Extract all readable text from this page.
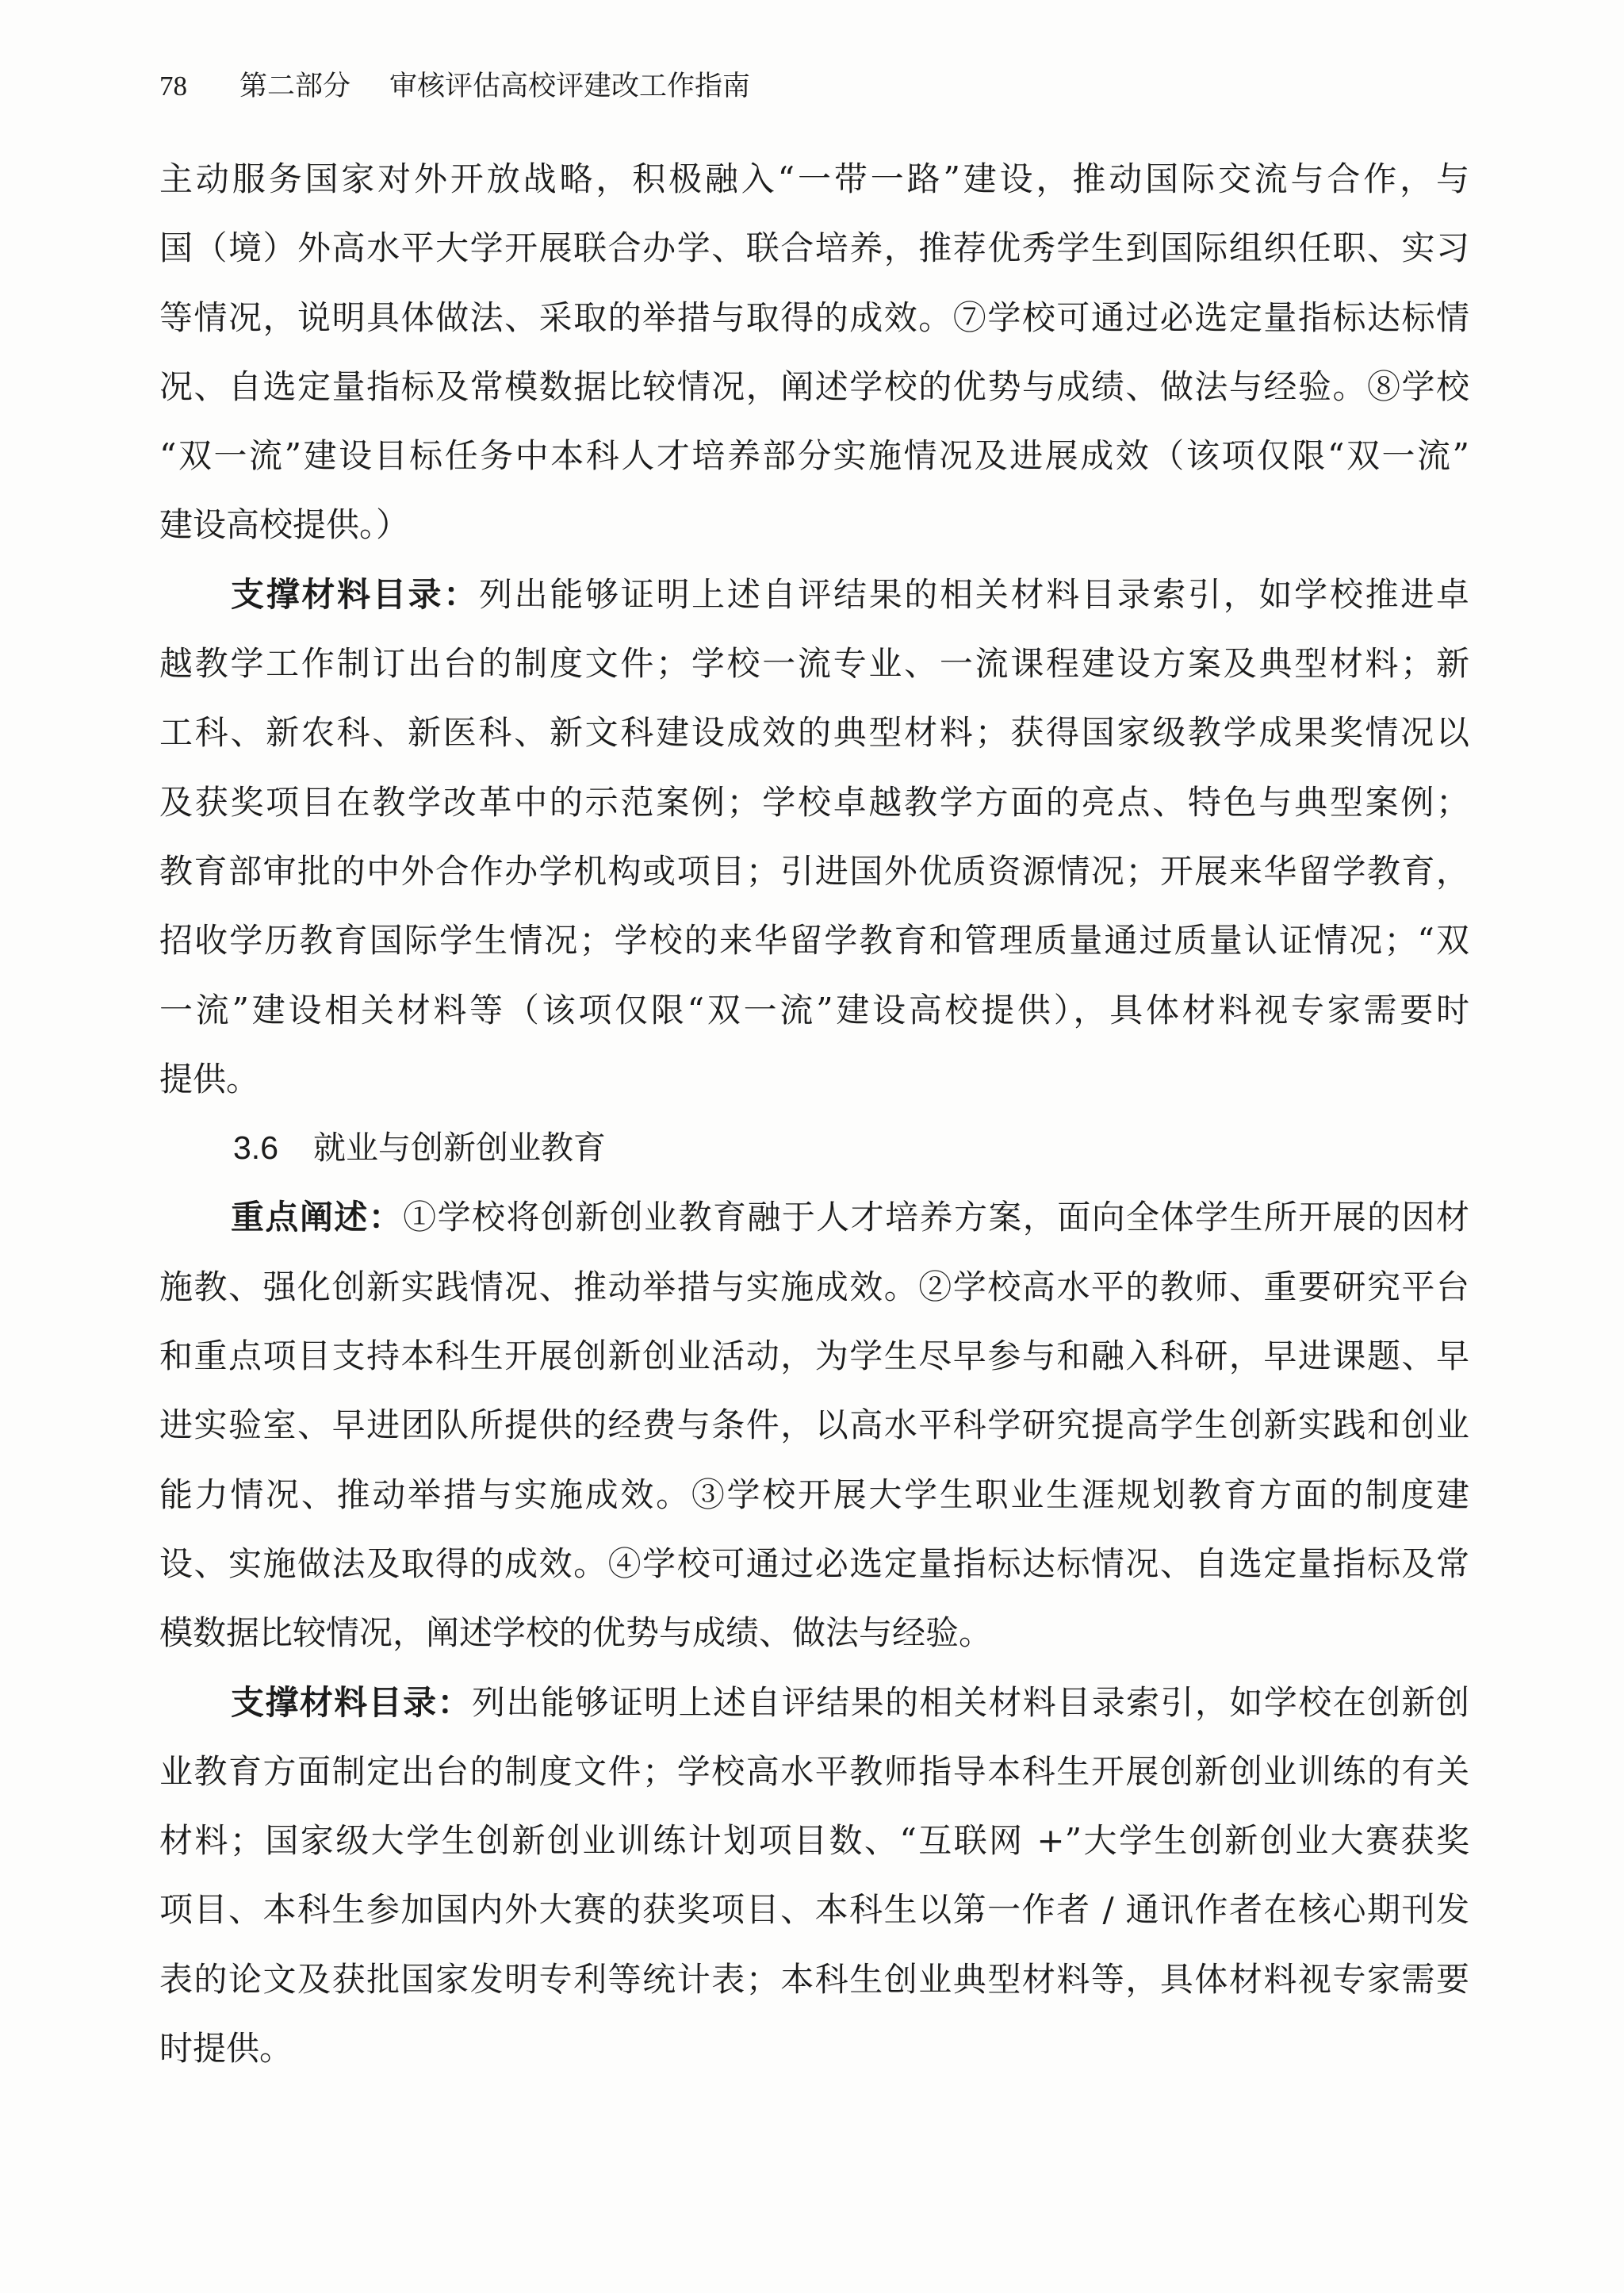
78 第二部分 审核评估高校评建改工作指南
主动服务国家对外开放战略，积极融入“一带一路”建设，推动国际交流与合作，与
国（境）外高水平大学开展联合办学、联合培养，推荐优秀学生到国际组织任职、实习
等情况，说明具体做法、采取的举措与取得的成效。⑦学校可通过必选定量指标达标情
况、自选定量指标及常模数据比较情况，阐述学校的优势与成绩、做法与经验。⑧学校
“双一流”建设目标任务中本科人才培养部分实施情况及进展成效（该项仅限“双一流”
建设高校提供。）
支撑材料目录：列出能够证明上述自评结果的相关材料目录索引，如学校推进卓
越教学工作制订出台的制度文件；学校一流专业、一流课程建设方案及典型材料；新
工科、新农科、新医科、新文科建设成效的典型材料；获得国家级教学成果奖情况以
及获奖项目在教学改革中的示范案例；学校卓越教学方面的亮点、特色与典型案例；
教育部审批的中外合作办学机构或项目；引进国外优质资源情况；开展来华留学教育，
招收学历教育国际学生情况；学校的来华留学教育和管理质量通过质量认证情况；“双
一流”建设相关材料等（该项仅限“双一流”建设高校提供），具体材料视专家需要时
提供。
3.6 就业与创新创业教育
重点阐述：①学校将创新创业教育融于人才培养方案，面向全体学生所开展的因材
施教、强化创新实践情况、推动举措与实施成效。②学校高水平的教师、重要研究平台
和重点项目支持本科生开展创新创业活动，为学生尽早参与和融入科研，早进课题、早
进实验室、早进团队所提供的经费与条件，以高水平科学研究提高学生创新实践和创业
能力情况、推动举措与实施成效。③学校开展大学生职业生涯规划教育方面的制度建
设、实施做法及取得的成效。④学校可通过必选定量指标达标情况、自选定量指标及常
模数据比较情况，阐述学校的优势与成绩、做法与经验。
支撑材料目录：列出能够证明上述自评结果的相关材料目录索引，如学校在创新创
业教育方面制定出台的制度文件；学校高水平教师指导本科生开展创新创业训练的有关
材料；国家级大学生创新创业训练计划项目数、“互联网 +”大学生创新创业大赛获奖
项目、本科生参加国内外大赛的获奖项目、本科生以第一作者 / 通讯作者在核心期刊发
表的论文及获批国家发明专利等统计表；本科生创业典型材料等，具体材料视专家需要
时提供。
